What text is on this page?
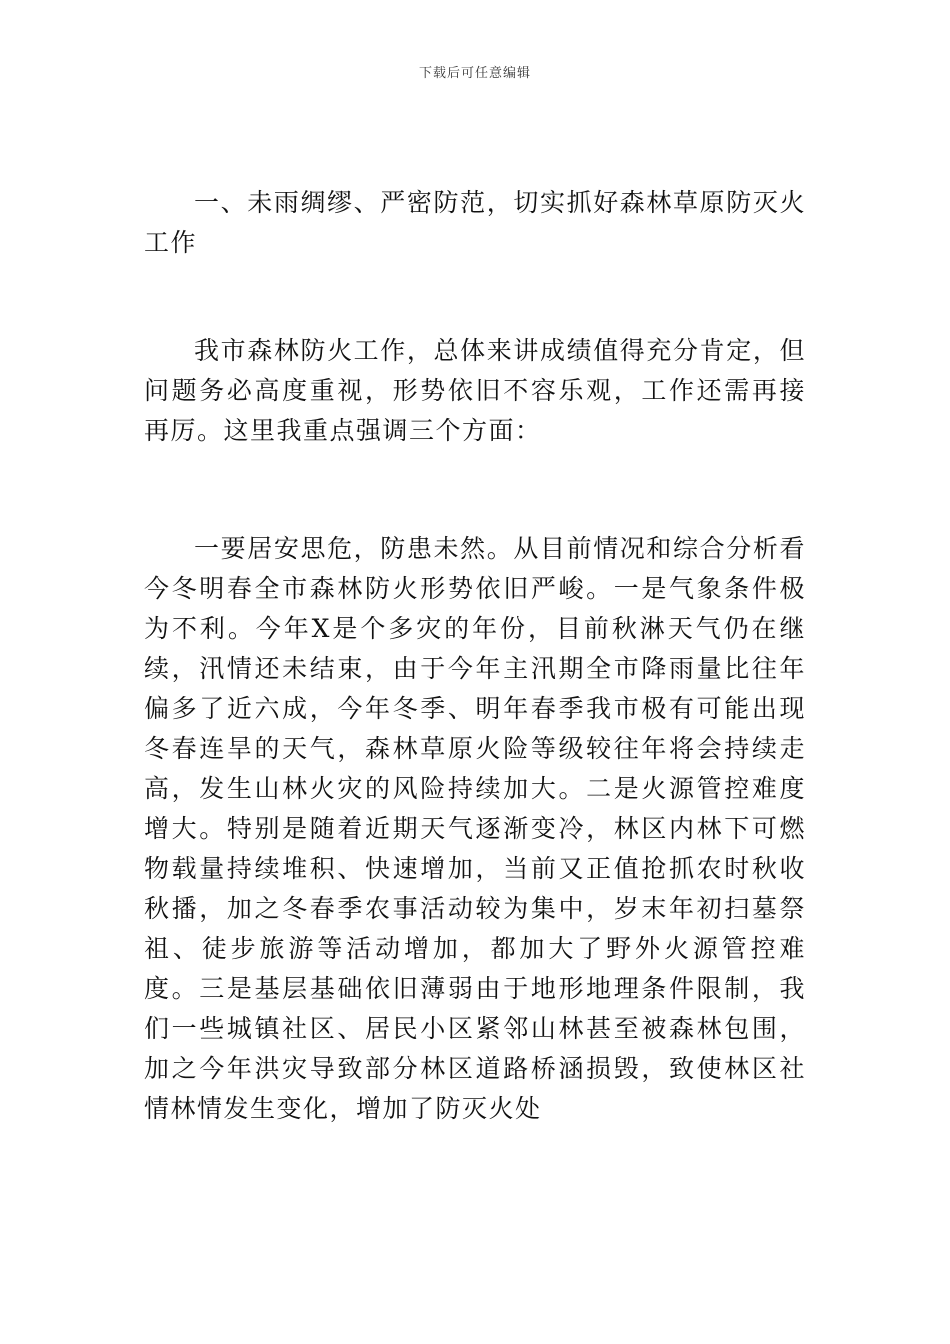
下载后可任意编辑

一、未雨绸缪、严密防范，切实抓好森林草原防灭火工作

我市森林防火工作，总体来讲成绩值得充分肯定，但问题务必高度重视，形势依旧不容乐观，工作还需再接再厉。这里我重点强调三个方面：

一要居安思危，防患未然。从目前情况和综合分析看今冬明春全市森林防火形势依旧严峻。一是气象条件极为不利。今年X是个多灾的年份，目前秋淋天气仍在继续，汛情还未结束，由于今年主汛期全市降雨量比往年偏多了近六成，今年冬季、明年春季我市极有可能出现冬春连旱的天气，森林草原火险等级较往年将会持续走高，发生山林火灾的风险持续加大。二是火源管控难度增大。特别是随着近期天气逐渐变冷，林区内林下可燃物载量持续堆积、快速增加，当前又正值抢抓农时秋收秋播，加之冬春季农事活动较为集中，岁末年初扫墓祭祖、徒步旅游等活动增加，都加大了野外火源管控难度。三是基层基础依旧薄弱由于地形地理条件限制，我们一些城镇社区、居民小区紧邻山林甚至被森林包围，加之今年洪灾导致部分林区道路桥涵损毁，致使林区社情林情发生变化，增加了防灭火处
